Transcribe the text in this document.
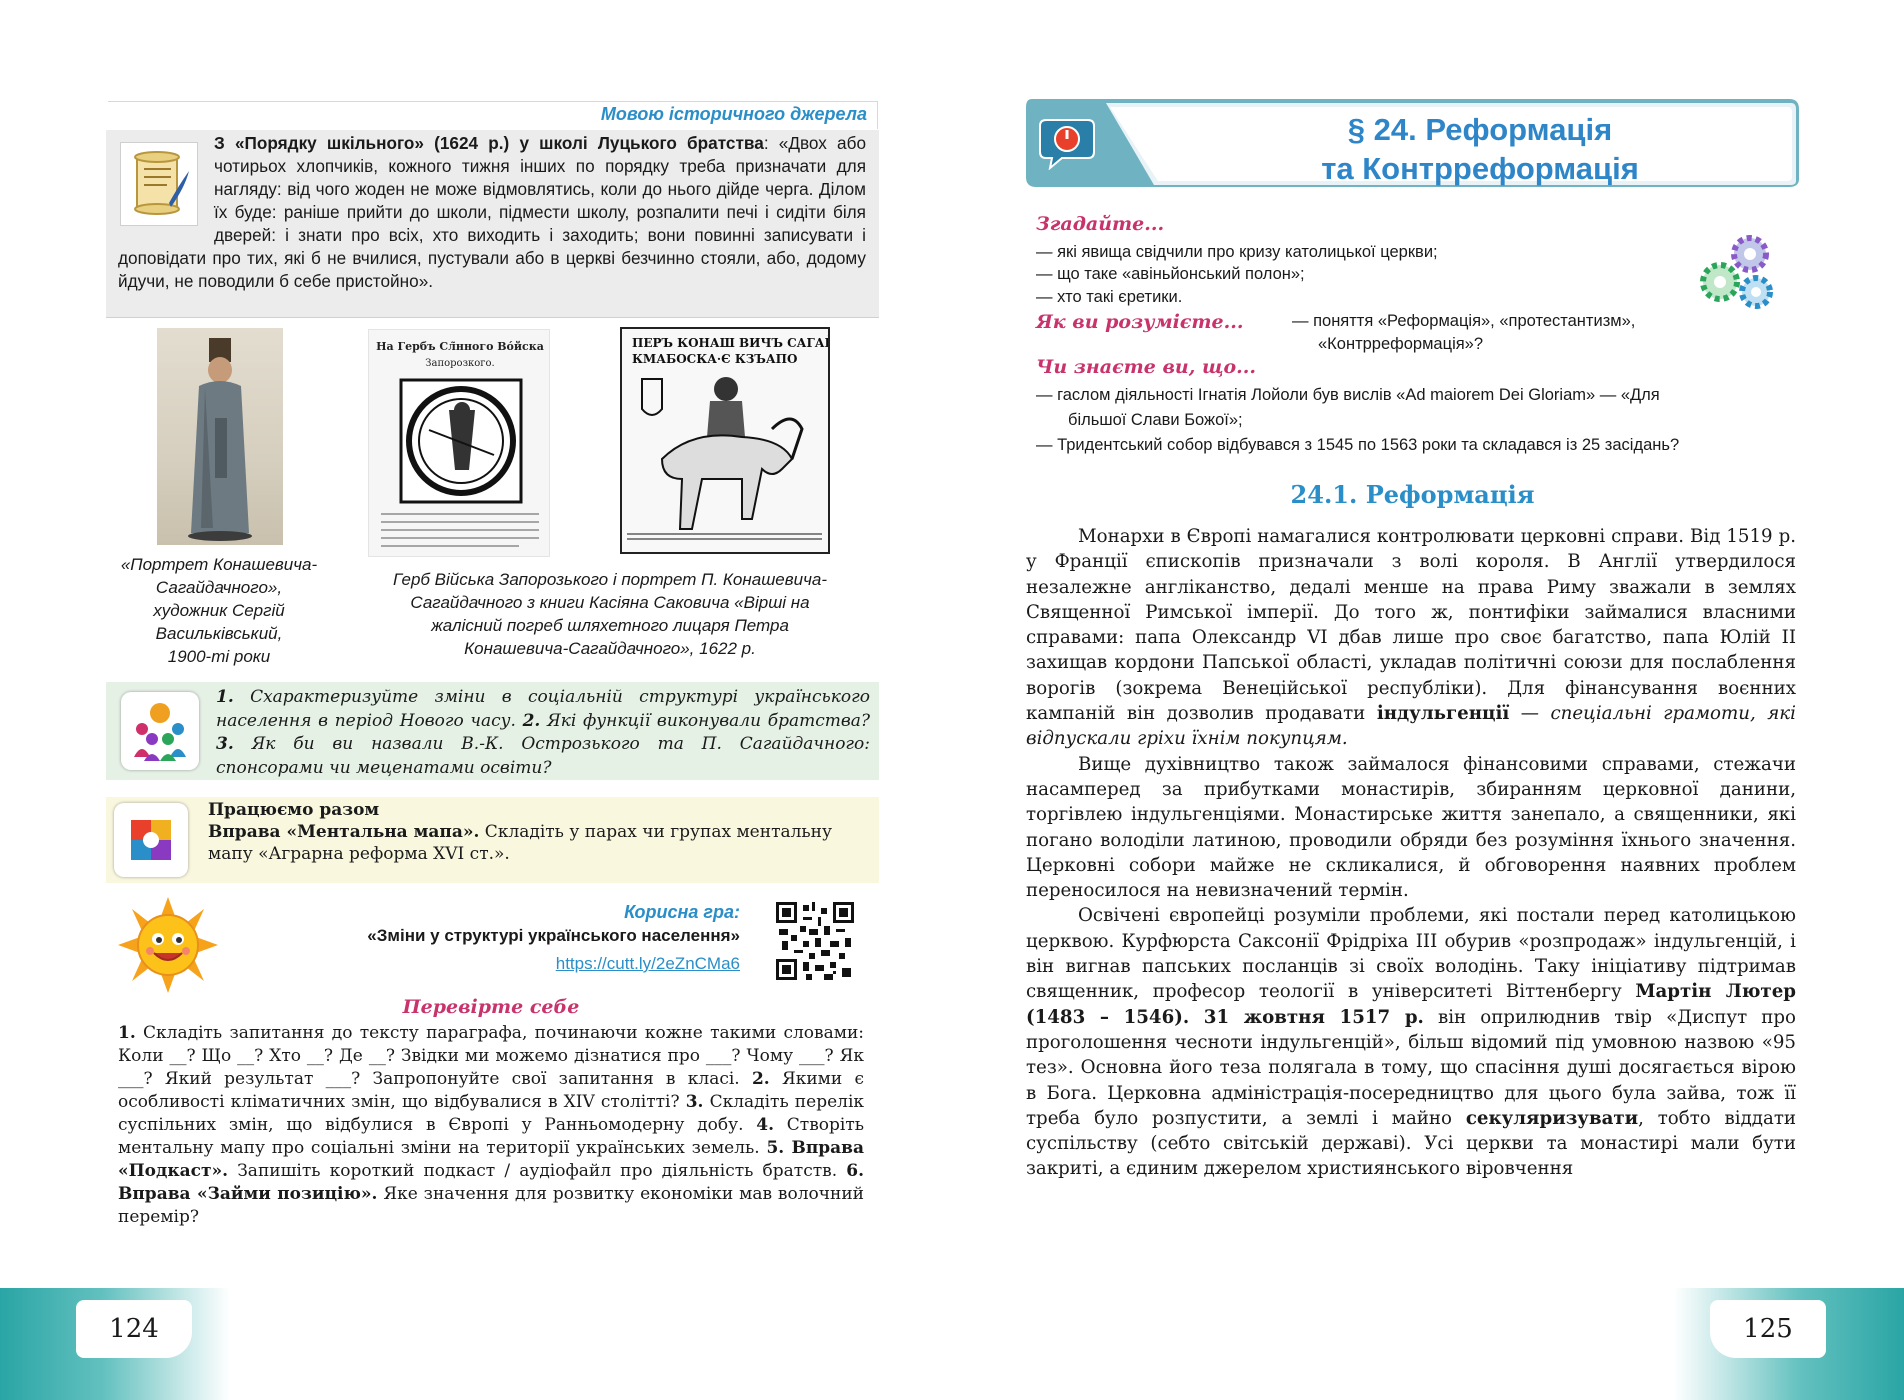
Мовою історичного джерела
З «Порядку шкільного» (1624 р.) у школі Луцького братства: «Двох або чотирьох хлопчиків, кожного тижня інших по порядку треба призначати для нагляду: від чого жоден не може відмовлятись, коли до нього дійде черга. Ділом їх буде: раніше прийти до школи, підмести школу, розпалити печі і сидіти біля дверей: і знати про всіх, хто виходить і заходить; вони повинні записувати і доповідати про тих, які б не вчилися, пустували або в церкві безчинно стояли, або, додому йдучи, не поводили б себе пристойно».
На Гербъ Сл̃нного Во́йска
Запорозкого.
ПЕРЪ КОНАШ ВИЧЪ САГАЙ
КМАБОСКА·Є КЗЪАПО
«Портрет Конашевича-
Сагайдачного»,
художник Сергій
Васильківський,
1900-ті роки
Герб Війська Запорозького і портрет П. Конашевича-
Сагайдачного з книги Касіяна Саковича «Вірші на
жалісний погреб шляхетного лицаря Петра
Конашевича-Сагайдачного», 1622 р.
1. Схарактеризуйте зміни в соціальній структурі українського населення в період Нового часу. 2. Які функції виконували братства? 3. Як би ви назвали В.-К. Острозького та П. Сагайдачного: спонсорами чи меценатами освіти?
Працюємо разом
Вправа «Ментальна мапа». Складіть у парах чи групах ментальну мапу «Аграрна реформа XVI ст.».
Корисна гра:
«Зміни у структурі українського населення»
https://cutt.ly/2eZnCMa6
Перевірте себе
1. Складіть запитання до тексту параграфа, починаючи кожне такими словами: Коли __? Що __? Хто __? Де __? Звідки ми можемо дізнатися про ___? Чому ___? Як ___? Який результат ___? Запропонуйте свої запитання в класі. 2. Якими є особливості кліматичних змін, що відбувалися в XIV столітті? 3. Складіть перелік суспільних змін, що відбулися в Європі у Ранньомодерну добу. 4. Створіть ментальну мапу про соціальні зміни на території українських земель. 5. Вправа «Подкаст». Запишіть короткий подкаст / аудіофайл про діяльність братств. 6. Вправа «Займи позицію». Яке значення для розвитку економіки мав волочний перемір?
124	125
§ 24. Реформація
та Контрреформація
Згадайте...
— які явища свідчили про кризу католицької церкви;
— що таке «авіньйонський полон»;
— хто такі єретики.
Як ви розумієте...	— поняття «Реформація», «протестантизм»,
«Контрреформація»?
Чи знаєте ви, що...
— гаслом діяльності Ігнатія Лойоли був вислів «Ad maiorem Dei Gloriam» — «Для
більшої Слави Божої»;
— Тридентський собор відбувався з 1545 по 1563 роки та складався із 25 засідань?
24.1. Реформація

Монархи в Європі намагалися контролювати церковні справи. Від 1519 р. у Франції єпископів призначали з волі короля. В Англії утвердилося незалежне англіканство, дедалі менше на права Риму зважали в землях Священної Римської імперії. До того ж, понтифіки займалися власними справами: папа Олександр VI дбав лише про своє багатство, папа Юлій II захищав кордони Папської області, укладав політичні союзи для послаблення ворогів (зокрема Венеційської республіки). Для фінансування воєнних кампаній він дозволив продавати індульгенції — спеціальні грамоти, які відпускали гріхи їхнім покупцям.

Вище духівництво також займалося фінансовими справами, стежачи насамперед за прибутками монастирів, збиранням церковної данини, торгівлею індульгенціями. Монастирське життя занепало, а священники, які погано володіли латиною, проводили обряди без розуміння їхнього значення. Церковні собори майже не скликалися, й обговорення наявних проблем переносилося на невизначений термін.

Освічені європейці розуміли проблеми, які постали перед католицькою церквою. Курфюрста Саксонії Фрідріха III обурив «розпродаж» індульгенцій, і він вигнав папських посланців зі своїх володінь. Таку ініціативу підтримав священник, професор теології в університеті Віттенбергу Мартін Лютер (1483 – 1546). 31 жовтня 1517 р. він оприлюднив твір «Диспут про проголошення чесноти індульгенцій», більш відомий під умовною назвою «95 тез». Основна його теза полягала в тому, що спасіння душі досягається вірою в Бога. Церковна адміністрація-посередництво для цього була зайва, тож її треба було розпустити, а землі і майно секуляризувати, тобто віддати суспільству (себто світській державі). Усі церкви та монастирі мали бути закриті, а єдиним джерелом християнського віровчення
